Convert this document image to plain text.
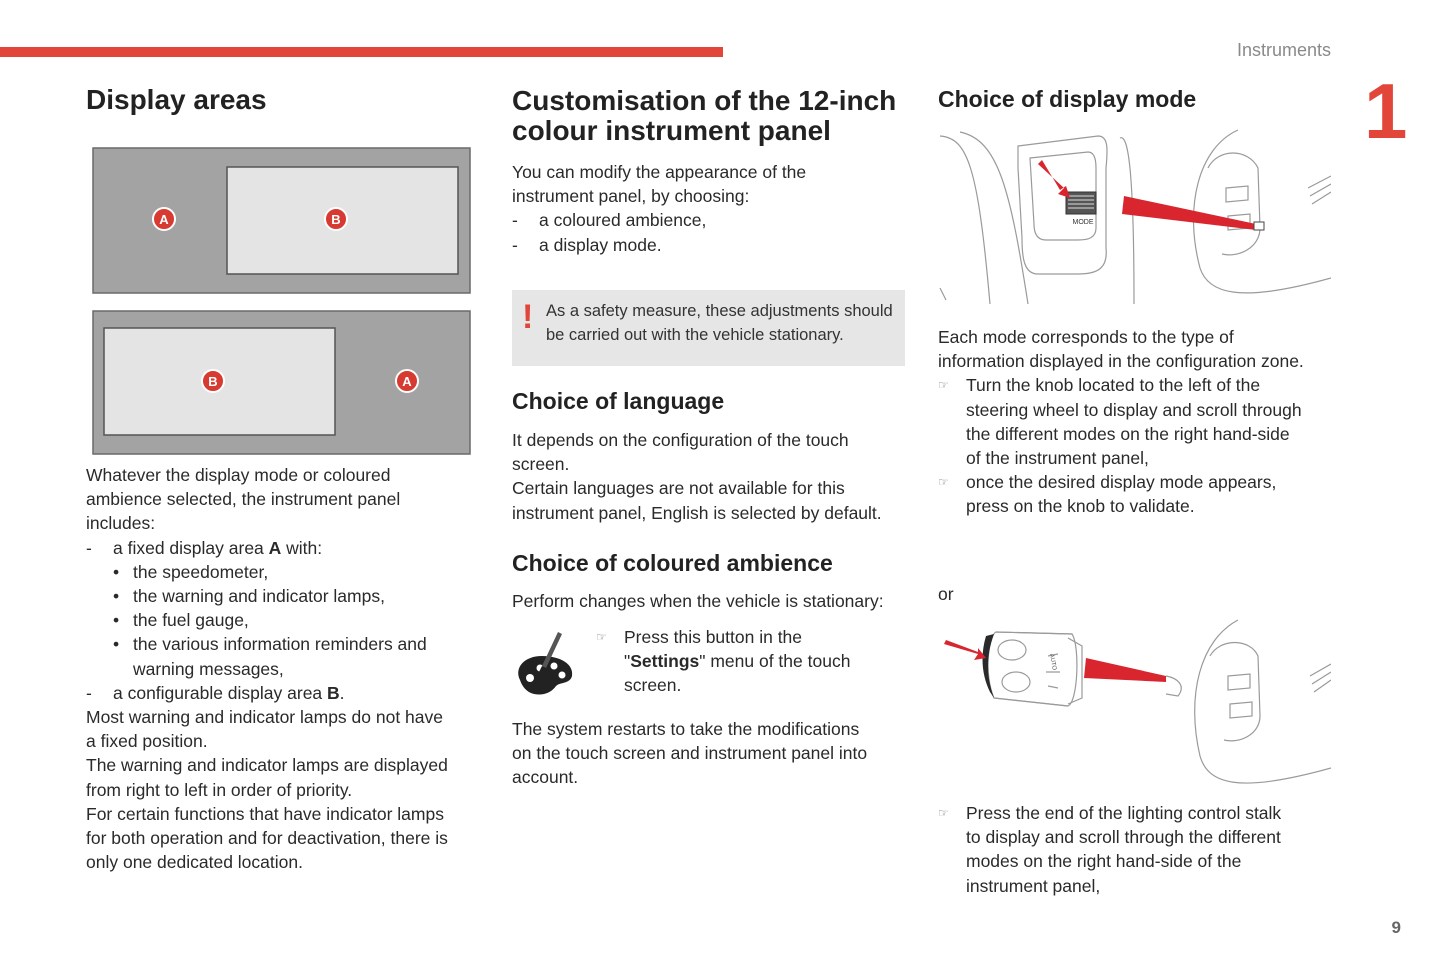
Instruments
1
9
Display areas
A	B
B	A
Whatever the display mode or coloured
ambience selected, the instrument panel
includes:
- a fixed display area A with:
• the speedometer,
• the warning and indicator lamps,
• the fuel gauge,
• the various information reminders and
warning messages,
- a configurable display area B.
Most warning and indicator lamps do not have
a fixed position.
The warning and indicator lamps are displayed
from right to left in order of priority.
For certain functions that have indicator lamps
for both operation and for deactivation, there is
only one dedicated location.
Customisation of the 12-inch
colour instrument panel
You can modify the appearance of the
instrument panel, by choosing:
- a coloured ambience,
- a display mode.
! As a safety measure, these adjustments should
be carried out with the vehicle stationary.
Choice of language
It depends on the configuration of the touch
screen.
Certain languages are not available for this
instrument panel, English is selected by default.
Choice of coloured ambience
Perform changes when the vehicle is stationary:
☞ Press this button in the
"Settings" menu of the touch
screen.
The system restarts to take the modifications
on the touch screen and instrument panel into
account.
Choice of display mode
MODE
Each mode corresponds to the type of
information displayed in the configuration zone.
☞ Turn the knob located to the left of the
steering wheel to display and scroll through
the different modes on the right hand-side
of the instrument panel,
☞ once the desired display mode appears,
press on the knob to validate.
or
AUTO
☞ Press the end of the lighting control stalk
to display and scroll through the different
modes on the right hand-side of the
instrument panel,
